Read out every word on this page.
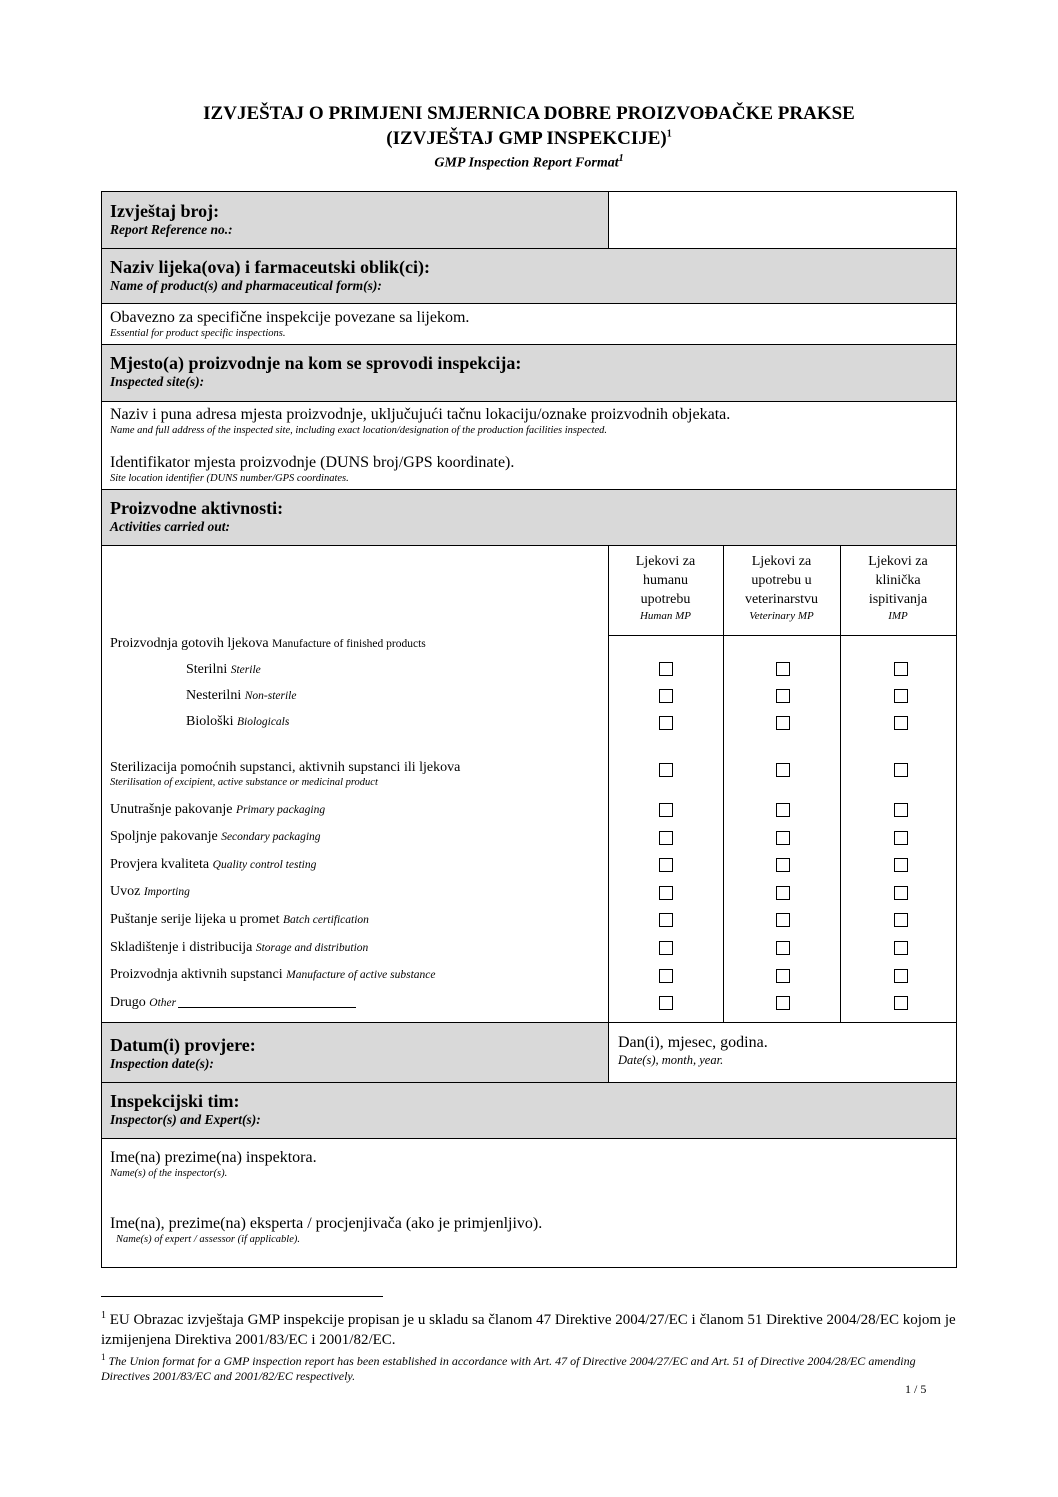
IZVJEŠTAJ O PRIMJENI SMJERNICA DOBRE PROIZVOĐAČKE PRAKSE
(IZVJEŠTAJ GMP INSPEKCIJE)$^1$
GMP Inspection Report Format$^1$
Izvještaj broj:
Report Reference no.:
Naziv lijeka(ova) i farmaceutski oblik(ci):
Name of product(s) and pharmaceutical form(s):
Obavezno za specifične inspekcije povezane sa lijekom.
Essential for product specific inspections.
Mjesto(a) proizvodnje na kom se sprovodi inspekcija:
Inspected site(s):
Naziv i puna adresa mjesta proizvodnje, uključujući tačnu lokaciju/oznake proizvodnih objekata.
Name and full address of the inspected site, including exact location/designation of the production facilities inspected.
Identifikator mjesta proizvodnje (DUNS broj/GPS koordinate).
Site location identifier (DUNS number/GPS coordinates.
Proizvodne aktivnosti:
Activities carried out:
Ljekovi za
humanu
upotrebu
Human MP
Ljekovi za
upotrebu u
veterinarstvu
Veterinary MP
Ljekovi za
klinička
ispitivanja
IMP
Proizvodnja gotovih ljekova Manufacture of finished products
Sterilni Sterile
Nesterilni Non-sterile
Biološki Biologicals
Sterilizacija pomoćnih supstanci, aktivnih supstanci ili ljekova
Sterilisation of excipient, active substance or medicinal product
Unutrašnje pakovanje Primary packaging
Spoljnje pakovanje Secondary packaging
Provjera kvaliteta Quality control testing
Uvoz Importing
Puštanje serije lijeka u promet Batch certification
Skladištenje i distribucija Storage and distribution
Proizvodnja aktivnih supstanci Manufacture of active substance
Drugo Other
Datum(i) provjere:
Inspection date(s):
Dan(i), mjesec, godina.
Date(s), month, year.
Inspekcijski tim:
Inspector(s) and Expert(s):
Ime(na) prezime(na) inspektora.
Name(s) of the inspector(s).
Ime(na), prezime(na) eksperta / procjenjivača (ako je primjenljivo).
Name(s) of expert / assessor (if applicable).
$^1$ EU Obrazac izvještaja GMP inspekcije propisan je u skladu sa članom 47 Direktive 2004/27/EC i članom 51 Direktive 2004/28/EC kojom je izmijenjena Direktiva 2001/83/EC i 2001/82/EC.
$^1$ The Union format for a GMP inspection report has been established in accordance with Art. 47 of Directive 2004/27/EC and Art. 51 of Directive 2004/28/EC amending Directives 2001/83/EC and 2001/82/EC respectively.
1 / 5
